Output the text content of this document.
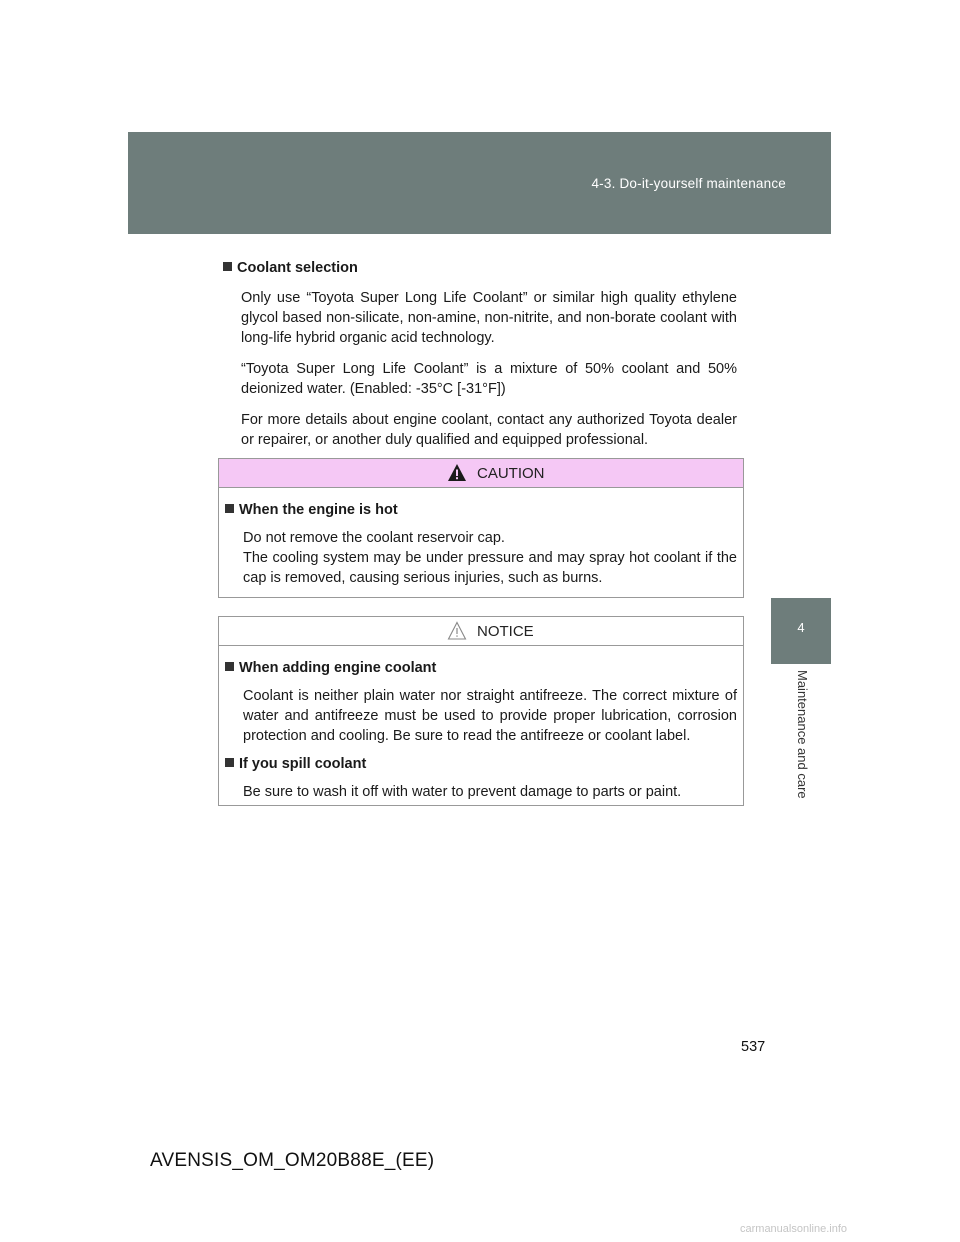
4-3. Do-it-yourself maintenance
4
Maintenance and care

Coolant selection

Only use “Toyota Super Long Life Coolant” or similar high quality ethylene glycol based non-silicate, non-amine, non-nitrite, and non-borate coolant with long-life hybrid organic acid technology.

“Toyota Super Long Life Coolant” is a mixture of 50% coolant and 50% deionized water. (Enabled: -35°C [-31°F])

For more details about engine coolant, contact any authorized Toyota dealer or repairer, or another duly qualified and equipped professional.

CAUTION

When the engine is hot

Do not remove the coolant reservoir cap.
The cooling system may be under pressure and may spray hot coolant if the cap is removed, causing serious injuries, such as burns.

NOTICE

When adding engine coolant

Coolant is neither plain water nor straight antifreeze. The correct mixture of water and antifreeze must be used to provide proper lubrication, corrosion protection and cooling. Be sure to read the antifreeze or coolant label.

If you spill coolant

Be sure to wash it off with water to prevent damage to parts or paint.

537
AVENSIS_OM_OM20B88E_(EE)
carmanualsonline.info
